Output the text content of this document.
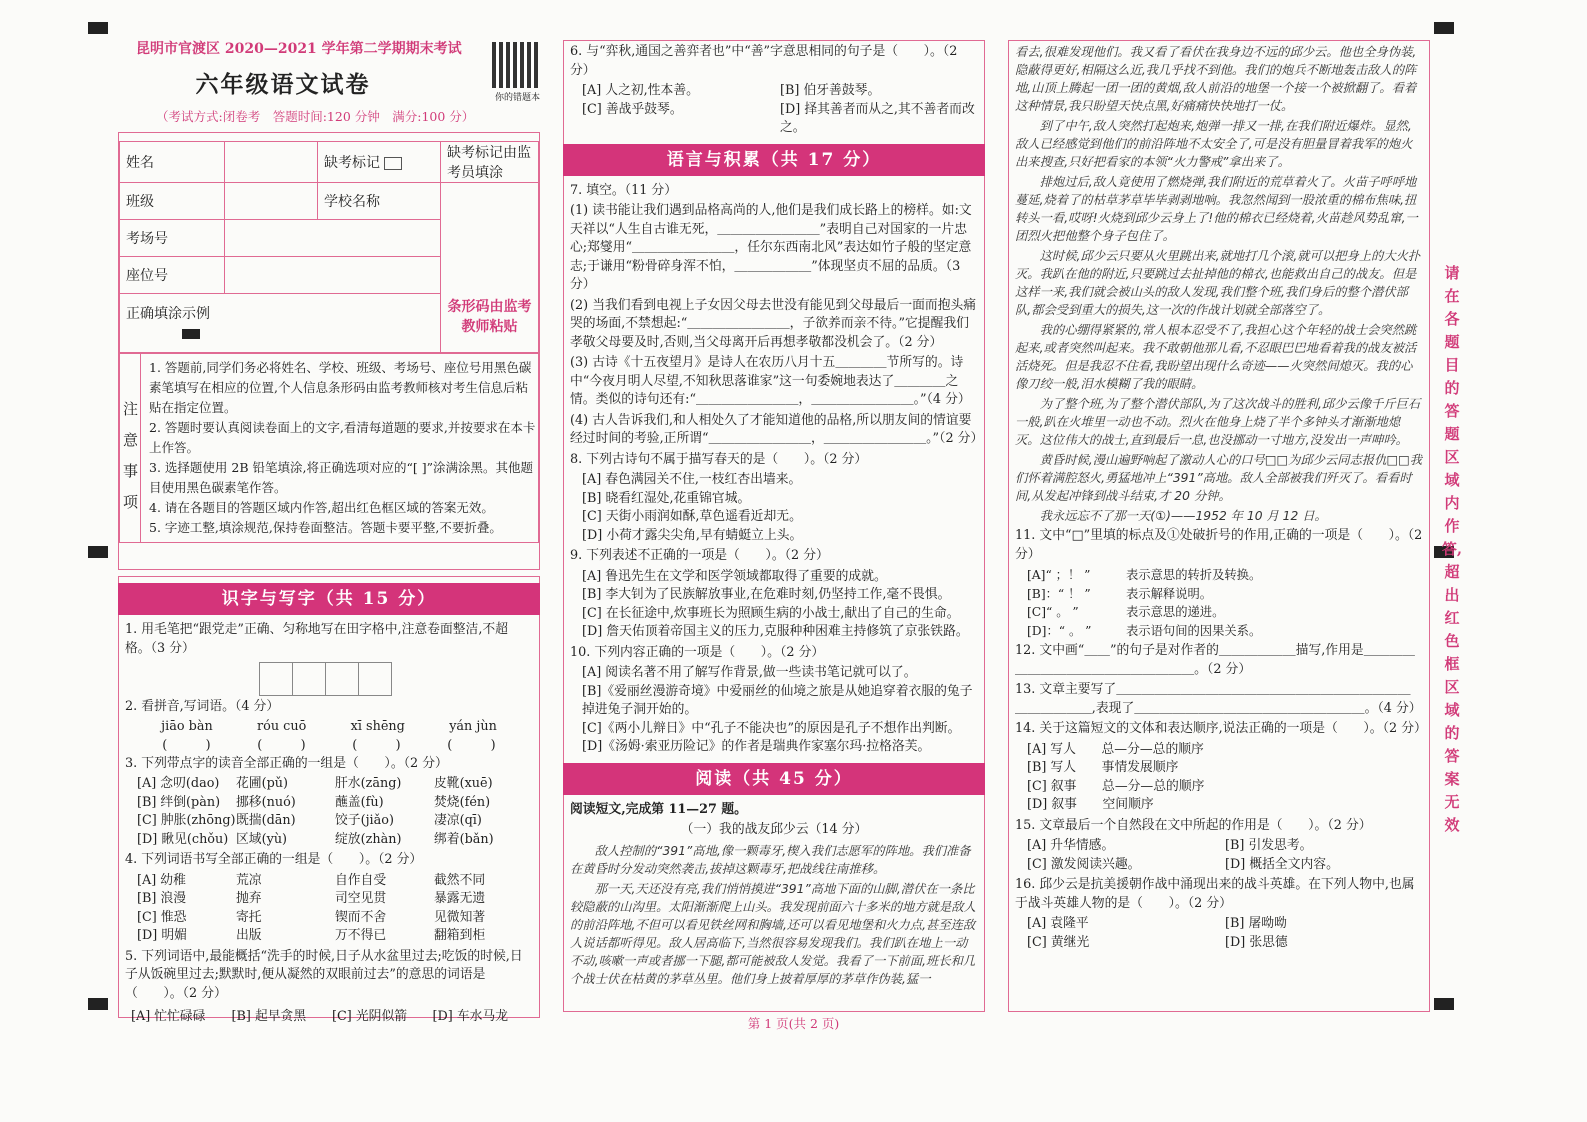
昆明市官渡区 2020—2021 学年第二学期期末考试
六年级语文试卷
（考试方式:闭卷考　答题时间:120 分钟　满分:100 分）
你的错题本
姓名		缺考标记	缺考标记由监考员填涂
班级		学校名称	条形码由监考教师粘贴

考场号			
座位号			
正确填涂示例			

注意事项
1. 答题前,同学们务必将姓名、学校、班级、考场号、座位号用黑色碳素笔填写在相应的位置,个人信息条形码由监考教师核对考生信息后粘贴在指定位置。
2. 答题时要认真阅读卷面上的文字,看清每道题的要求,并按要求在本卡上作答。
3. 选择题使用 2B 铅笔填涂,将正确选项对应的“[ ]”涂满涂黑。其他题目使用黑色碳素笔作答。
4. 请在各题目的答题区域内作答,超出红色框区域的答案无效。
5. 字迹工整,填涂规范,保持卷面整洁。答题卡要平整,不要折叠。
识字与写字（共 15 分）
1. 用毛笔把“跟党走”正确、匀称地写在田字格中,注意卷面整洁,不超格。（3 分）
2. 看拼音,写词语。（4 分）
jiāo bàn	róu cuō	xī shēng	yán jùn
(　　　)	(　　　)	(　　　)	(　　　)
3. 下列带点字的读音全部正确的一组是（　　）。（2 分）
[A] 念叨(dao)	花圃(pǔ)	肝水(zāng)	皮靴(xuē)
[B] 绊倒(pàn)	挪移(nuó)	蘸盖(fù)	焚烧(fén)
[C] 肿胀(zhōng) 既揣(dān)	饺子(jiǎo)	凄凉(qī)
[D] 瞅见(chǒu) 区域(yù)	绽放(zhàn)	绑着(bǎn)
4. 下列词语书写全部正确的一组是（　　）。（2 分）
[A] 幼稚	荒凉	自作自受	截然不同
[B] 浪漫	抛弃	司空见贯	暴露无遗
[C] 惟恐	寄托	锲而不舍	见微知著
[D] 明媚	出版	万不得已	翻箱到柜
5. 下列词语中,最能概括“洗手的时候,日子从水盆里过去;吃饭的时候,日子从饭碗里过去;默默时,便从凝然的双眼前过去”的意思的词语是（　　）。（2 分）
[A] 忙忙碌碌	[B] 起早贪黑	[C] 光阴似箭	[D] 车水马龙
6. 与“弈秋,通国之善弈者也”中“善”字意思相同的句子是（　　）。（2 分）
[A] 人之初,性本善。	[B] 伯牙善鼓琴。
[C] 善战乎鼓琴。	[D] 择其善者而从之,其不善者而改之。
语言与积累（共 17 分）
7. 填空。（11 分）
(1) 读书能让我们遇到品格高尚的人,他们是我们成长路上的榜样。如:文天祥以“人生自古谁无死，＿＿＿＿＿＿＿＿”表明自己对国家的一片忠心;郑燮用“＿＿＿＿＿＿＿＿，任尔东西南北风”表达如竹子般的坚定意志;于谦用“粉骨碎身浑不怕，＿＿＿＿＿＿”体现坚贞不屈的品质。（3 分）
(2) 当我们看到电视上子女因父母去世没有能见到父母最后一面而抱头痛哭的场面,不禁想起:“＿＿＿＿＿＿＿＿，子欲养而亲不待。”它提醒我们孝敬父母要及时,否则,当父母离开后再想孝敬都没机会了。（2 分）
(3) 古诗《十五夜望月》是诗人在农历八月十五＿＿＿＿节所写的。诗中“今夜月明人尽望,不知秋思落谁家”这一句委婉地表达了＿＿＿＿之情。类似的诗句还有:“＿＿＿＿＿＿＿＿，＿＿＿＿＿＿＿＿。”（4 分）
(4) 古人告诉我们,和人相处久了才能知道他的品格,所以朋友间的情谊要经过时间的考验,正所谓“＿＿＿＿＿＿＿＿，＿＿＿＿＿＿＿＿。”（2 分）
8. 下列古诗句不属于描写春天的是（　　）。（2 分）
[A] 春色满园关不住,一枝红杏出墙来。
[B] 晓看红湿处,花重锦官城。
[C] 天街小雨润如酥,草色遥看近却无。
[D] 小荷才露尖尖角,早有蜻蜓立上头。
9. 下列表述不正确的一项是（　　）。（2 分）
[A] 鲁迅先生在文学和医学领域都取得了重要的成就。
[B] 李大钊为了民族解放事业,在危难时刻,仍坚持工作,毫不畏惧。
[C] 在长征途中,炊事班长为照顾生病的小战士,献出了自己的生命。
[D] 詹天佑顶着帝国主义的压力,克服种种困难主持修筑了京张铁路。
10. 下列内容正确的一项是（　　）。（2 分）
[A] 阅读名著不用了解写作背景,做一些读书笔记就可以了。
[B]《爱丽丝漫游奇境》中爱丽丝的仙境之旅是从她追穿着衣服的兔子掉进兔子洞开始的。
[C]《两小儿辩日》中“孔子不能决也”的原因是孔子不想作出判断。
[D]《汤姆·索亚历险记》的作者是瑞典作家塞尔玛·拉格洛芙。
阅读（共 45 分）
阅读短文,完成第 11—27 题。
（一）我的战友邱少云（14 分）
敌人控制的“391”高地,像一颗毒牙,楔入我们志愿军的阵地。我们准备在黄昏时分发动突然袭击,拔掉这颗毒牙,把战线往南推移。
那一天,天还没有亮,我们悄悄摸进“391”高地下面的山脚,潜伏在一条比较隐蔽的山沟里。太阳渐渐爬上山头。我发现前面六十多米的地方就是敌人的前沿阵地,不但可以看见铁丝网和胸墙,还可以看见地堡和火力点,甚至连敌人说话都听得见。敌人居高临下,当然很容易发现我们。我们趴在地上一动不动,咳嗽一声或者挪一下腿,都可能被敌人发觉。我看了一下前面,班长和几个战士伏在枯黄的茅草丛里。他们身上披着厚厚的茅草作伪装,猛一
看去,很难发现他们。我又看了看伏在我身边不远的邱少云。他也全身伪装,隐蔽得更好,相隔这么近,我几乎找不到他。我们的炮兵不断地轰击敌人的阵地,山顶上腾起一团一团的黄烟,敌人前沿的地堡一个接一个被掀翻了。看着这种情景,我只盼望天快点黑,好痛痛快快地打一仗。
到了中午,敌人突然打起炮来,炮弹一排又一排,在我们附近爆炸。显然,敌人已经感觉到他们的前沿阵地不太安全了,可是没有胆量冒着我军的炮火出来搜查,只好把看家的本领“火力警戒”拿出来了。
排炮过后,敌人竟使用了燃烧弹,我们附近的荒草着火了。火苗子呼呼地蔓延,烧着了的枯草茅草毕毕剥剥地响。我忽然闻到一股浓重的棉布焦味,扭转头一看,哎呀!火烧到邱少云身上了!他的棉衣已经烧着,火苗趁风势乱窜,一团烈火把他整个身子包住了。
这时候,邱少云只要从火里跳出来,就地打几个滚,就可以把身上的大火扑灭。我趴在他的附近,只要跳过去扯掉他的棉衣,也能救出自己的战友。但是这样一来,我们就会被山头的敌人发现,我们整个班,我们身后的整个潜伏部队,都会受到重大的损失,这一次的作战计划就全部落空了。
我的心绷得紧紧的,常人根本忍受不了,我担心这个年轻的战士会突然跳起来,或者突然叫起来。我不敢朝他那儿看,不忍眼巴巴地看着我的战友被活活烧死。但是我忍不住看,我盼望出现什么奇迹——火突然间熄灭。我的心像刀绞一般,泪水模糊了我的眼睛。
为了整个班,为了整个潜伏部队,为了这次战斗的胜利,邱少云像千斤巨石一般,趴在火堆里一动也不动。烈火在他身上烧了半个多钟头才渐渐地熄灭。这位伟大的战士,直到最后一息,也没挪动一寸地方,没发出一声呻吟。
黄昏时候,漫山遍野响起了激动人心的口号□□为邱少云同志报仇□□我们怀着满腔怒火,勇猛地冲上“391”高地。敌人全部被我们歼灭了。看看时间,从发起冲锋到战斗结束,才 20 分钟。
我永远忘不了那一天(①)——1952 年 10 月 12 日。
11. 文中“□”里填的标点及①处破折号的作用,正确的一项是（　　）。（2 分）
[A]“ ；！ ”	表示意思的转折及转换。
[B]：“ ！ ”	表示解释说明。
[C]“ 。 ”	表示意思的递进。
[D]：“ 。 ”	表示语句间的因果关系。
12. 文中画“＿＿”的句子是对作者的＿＿＿＿＿＿描写,作用是＿＿＿＿＿＿＿＿＿＿＿＿＿＿＿＿＿＿。（2 分）
13. 文章主要写了＿＿＿＿＿＿＿＿＿＿＿＿＿＿＿＿＿＿＿＿＿＿＿＿＿＿＿＿＿,表现了＿＿＿＿＿＿＿＿＿＿＿＿＿＿＿＿＿＿。（4 分）
14. 关于这篇短文的文体和表达顺序,说法正确的一项是（　　）。（2 分）
[A] 写人　　总—分—总的顺序
[B] 写人　　事情发展顺序
[C] 叙事　　总—分—总的顺序
[D] 叙事　　空间顺序
15. 文章最后一个自然段在文中所起的作用是（　　）。（2 分）
[A] 升华情感。	[B] 引发思考。
[C] 激发阅读兴趣。	[D] 概括全文内容。
16. 邱少云是抗美援朝作战中涌现出来的战斗英雄。在下列人物中,也属于战斗英雄人物的是（　　）。（2 分）
[A] 袁隆平	[B] 屠呦呦
[C] 黄继光	[D] 张思德
请在各题目的答题区域内作答,超出红色框区域的答案无效
第 1 页(共 2 页)
